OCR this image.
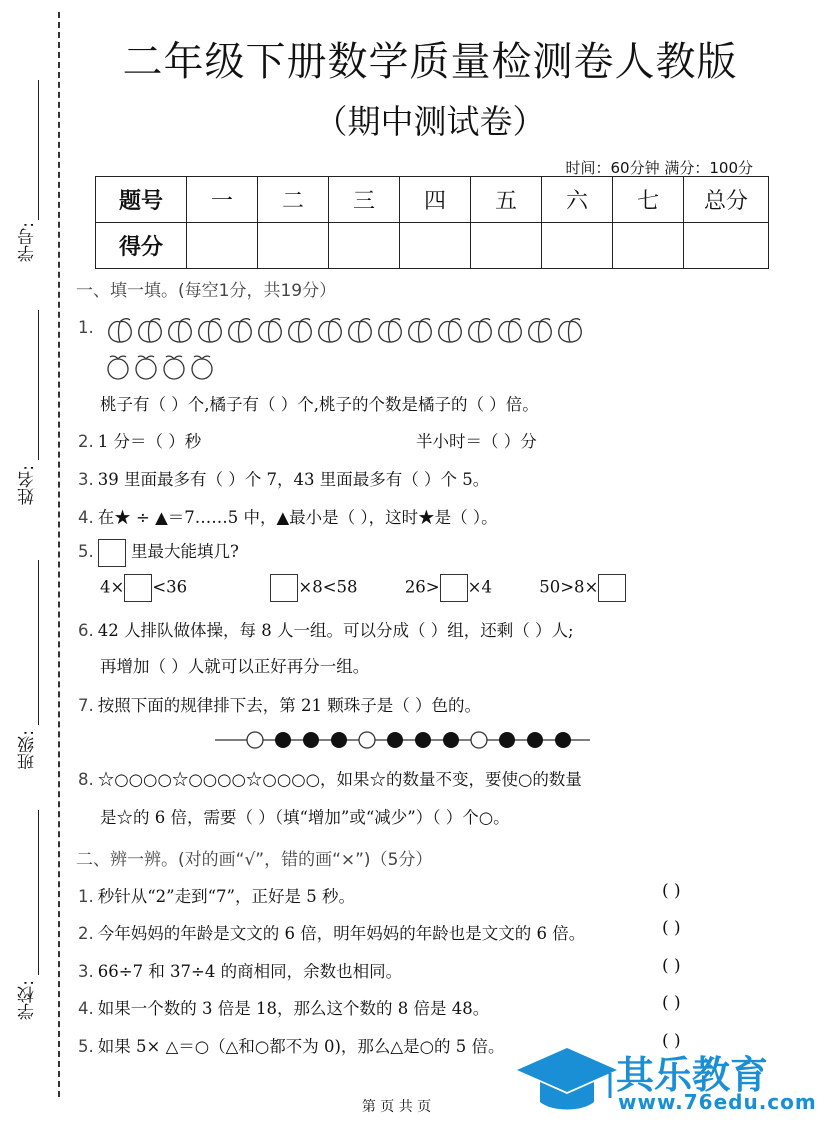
学号:
姓名:
班级:
学校:
二年级下册数学质量检测卷人教版
（期中测试卷）
时间：60分钟 满分：100分
题号	一	二	三	四	五	六	七	总分
得分								
一、填一填。(每空1分，共19分）
1.
桃子有（ ）个,橘子有（ ）个,桃子的个数是橘子的（ ）倍。
2. 1 分＝（ ）秒	半小时＝（ ）分
3. 39 里面最多有（ ）个 7，43 里面最多有（ ）个 5。
4. 在★ ÷ ▲＝7……5 中，▲最小是（ ），这时★是（ ）。
5. 里最大能填几?
4× <36	×8<58	26> ×4	50>8×
6. 42 人排队做体操，每 8 人一组。可以分成（ ）组，还剩（ ）人;
再增加（ ）人就可以正好再分一组。
7. 按照下面的规律排下去，第 21 颗珠子是（ ）色的。
8. ☆○○○○☆○○○○☆○○○○，如果☆的数量不变，要使○的数量
是☆的 6 倍，需要（ ）（填“增加”或“减少”）（ ）个○。
二、辨一辨。(对的画“√”，错的画“×”)（5分）
1. 秒针从“2”走到“7”，正好是 5 秒。	( )
2. 今年妈妈的年龄是文文的 6 倍，明年妈妈的年龄也是文文的 6 倍。	( )
3. 66÷7 和 37÷4 的商相同，余数也相同。	( )
4. 如果一个数的 3 倍是 18，那么这个数的 8 倍是 48。	( )
5. 如果 5× △＝○（△和○都不为 0)，那么△是○的 5 倍。	( )
其乐教育
www.76edu.com
第 页 共 页
